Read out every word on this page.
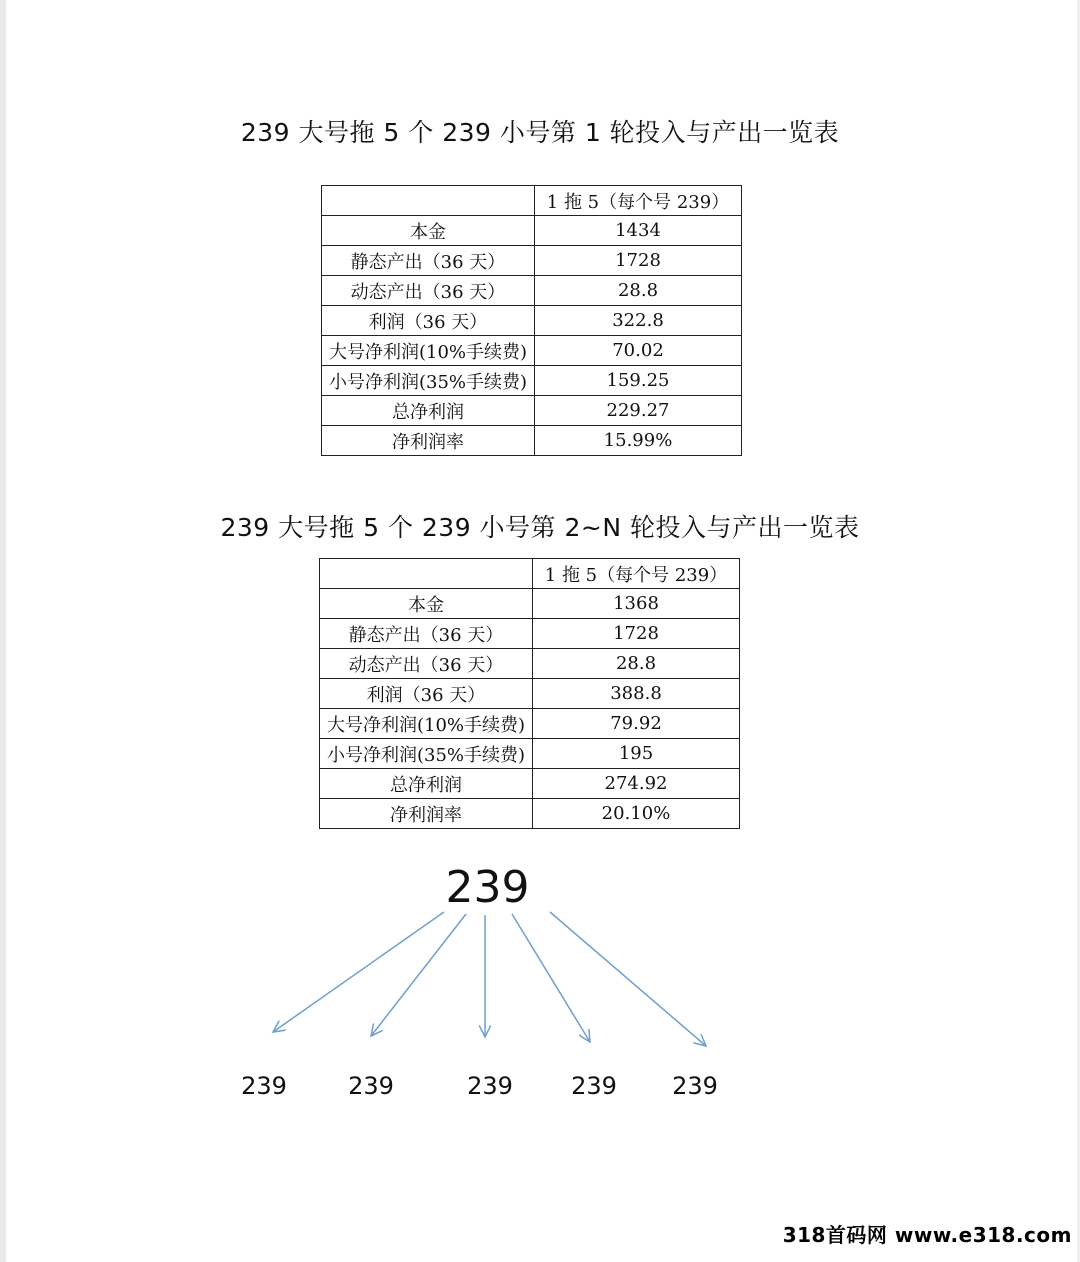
239 大号拖 5 个 239 小号第 1 轮投入与产出一览表
	1 拖 5（每个号 239）
本金	1434
静态产出（36 天）	1728
动态产出（36 天）	28.8
利润（36 天）	322.8
大号净利润(10%手续费)	70.02
小号净利润(35%手续费)	159.25
总净利润	229.27
净利润率	15.99%
239 大号拖 5 个 239 小号第 2~N 轮投入与产出一览表
	1 拖 5（每个号 239）
本金	1368
静态产出（36 天）	1728
动态产出（36 天）	28.8
利润（36 天）	388.8
大号净利润(10%手续费)	79.92
小号净利润(35%手续费)	195
总净利润	274.92
净利润率	20.10%
239
239	239	239	239	239
318首码网 www.e318.com
